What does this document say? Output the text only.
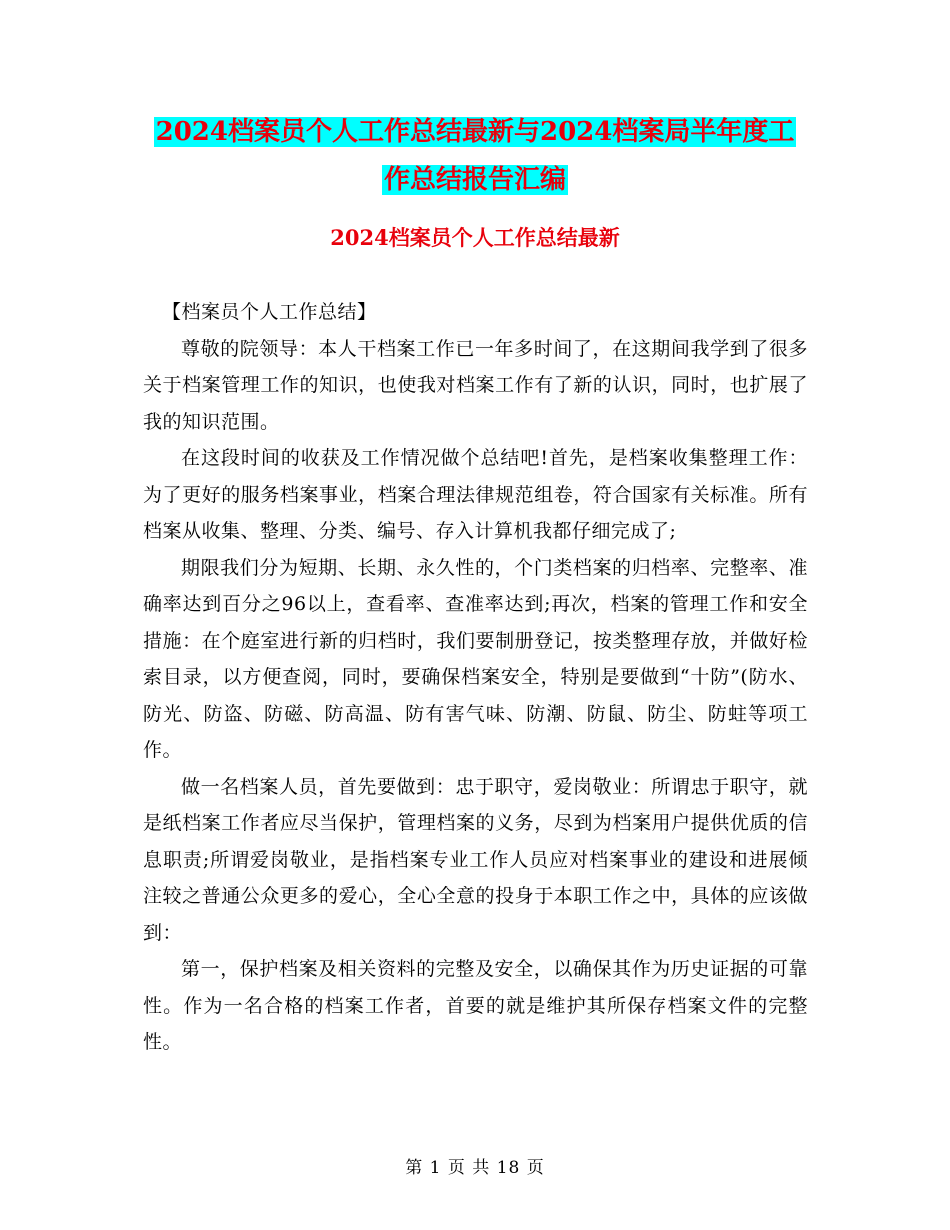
2024档案员个人工作总结最新与2024档案局半年度工
作总结报告汇编
2024档案员个人工作总结最新

【档案员个人工作总结】

尊敬的院领导：本人干档案工作已一年多时间了，在这期间我学到了很多关于档案管理工作的知识，也使我对档案工作有了新的认识，同时，也扩展了我的知识范围。

在这段时间的收获及工作情况做个总结吧!首先，是档案收集整理工作：为了更好的服务档案事业，档案合理法律规范组卷，符合国家有关标准。所有档案从收集、整理、分类、编号、存入计算机我都仔细完成了;

期限我们分为短期、长期、永久性的，个门类档案的归档率、完整率、准确率达到百分之96以上，查看率、查准率达到;再次，档案的管理工作和安全措施：在个庭室进行新的归档时，我们要制册登记，按类整理存放，并做好检索目录，以方便查阅，同时，要确保档案安全，特别是要做到“十防”(防水、防光、防盗、防磁、防高温、防有害气味、防潮、防鼠、防尘、防蛀等项工作。

做一名档案人员，首先要做到：忠于职守，爱岗敬业：所谓忠于职守，就是纸档案工作者应尽当保护，管理档案的义务，尽到为档案用户提供优质的信息职责;所谓爱岗敬业，是指档案专业工作人员应对档案事业的建设和进展倾注较之普通公众更多的爱心，全心全意的投身于本职工作之中，具体的应该做到：

第一，保护档案及相关资料的完整及安全，以确保其作为历史证据的可靠性。作为一名合格的档案工作者，首要的就是维护其所保存档案文件的完整性。

第 1 页 共 18 页
